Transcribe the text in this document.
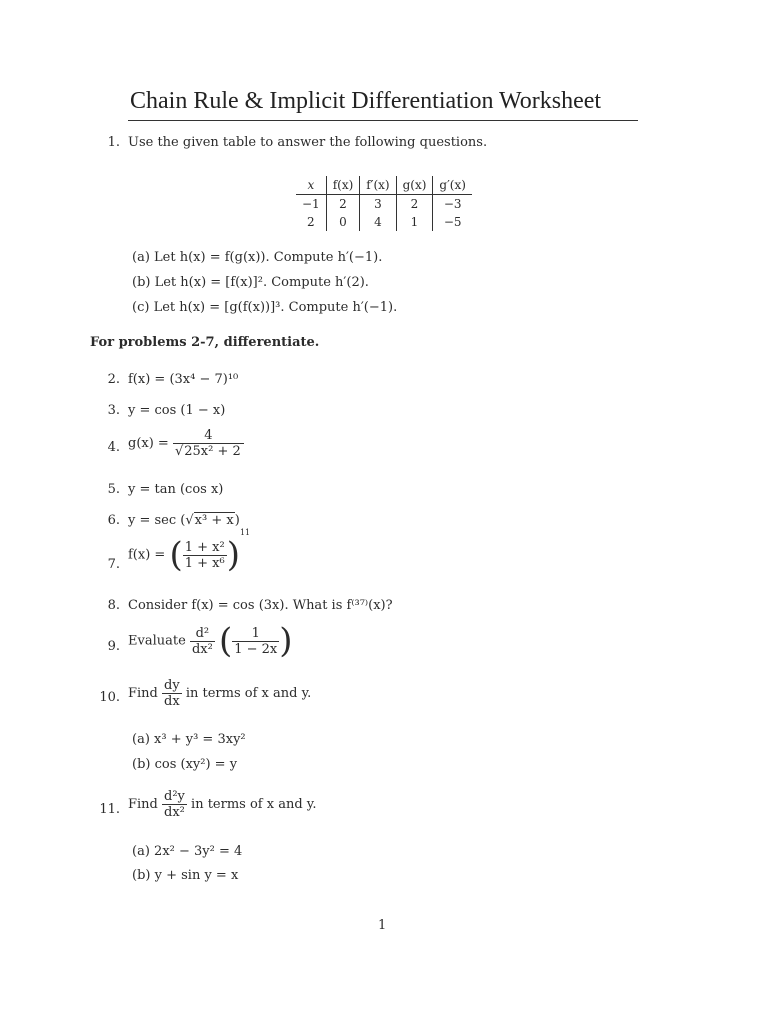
Chain Rule & Implicit Differentiation Worksheet
1. Use the given table to answer the following questions.
x	f(x)	f′(x)	g(x)	g′(x)
−1	2	3	2	−3
2	0	4	1	−5
(a) Let h(x) = f(g(x)). Compute h′(−1).
(b) Let h(x) = [f(x)]². Compute h′(2).
(c) Let h(x) = [g(f(x))]³. Compute h′(−1).
For problems 2-7, differentiate.
2. f(x) = (3x⁴ − 7)¹⁰
3. y = cos (1 − x)
4. $g(x) = \frac{4}{\text{√25x² + 2}}$
5. y = tan (cos x)
6. y = sec (√x³ + x)
7.
f(x) = ( $\frac{\text{1 + x²}}{\text{1 + x⁶}} )^{11}$
8. Consider f(x) = cos (3x). What is f⁽³⁷⁾(x)?
9. Evaluate $\frac{\text{d²}}{\text{dx²}}$ ( $\frac{1}{1 - 2x}$ )
10. Find $\frac{dy}{dx}$ in terms of x and y.
(a) x³ + y³ = 3xy²
(b) cos (xy²) = y
11. Find $\frac{\text{d²y}}{\text{dx²}}$ in terms of x and y.
(a) 2x² − 3y² = 4
(b) y + sin y = x
1
